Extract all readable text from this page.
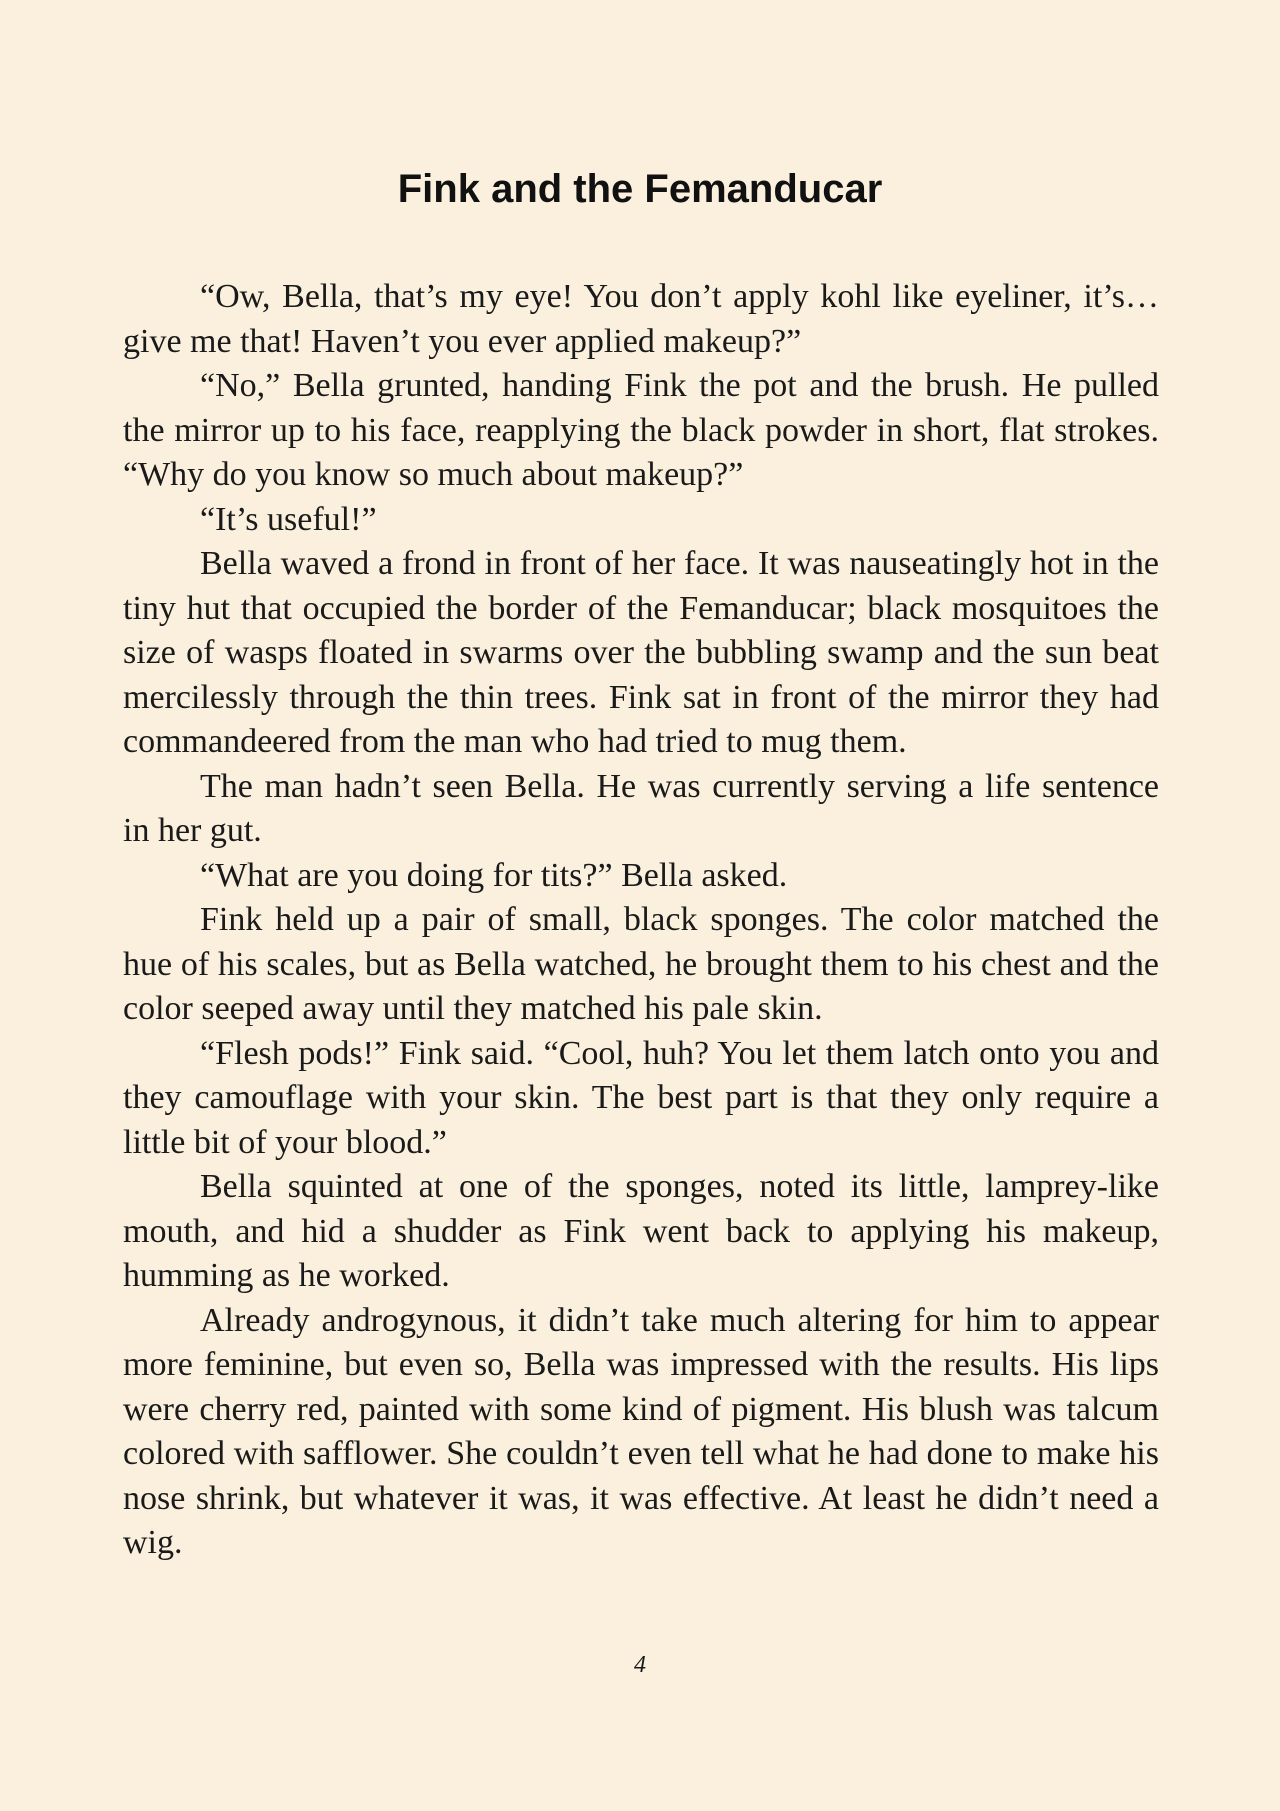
Fink and the Femanducar

“Ow, Bella, that’s my eye! You don’t apply kohl like eyeliner, it’s…give me that! Haven’t you ever applied makeup?”

“No,” Bella grunted, handing Fink the pot and the brush. He pulled the mirror up to his face, reapplying the black powder in short, flat strokes. “Why do you know so much about makeup?”

“It’s useful!”

Bella waved a frond in front of her face. It was nauseatingly hot in the tiny hut that occupied the border of the Femanducar; black mosquitoes the size of wasps floated in swarms over the bubbling swamp and the sun beat mercilessly through the thin trees. Fink sat in front of the mirror they had commandeered from the man who had tried to mug them.

The man hadn’t seen Bella. He was currently serving a life sentence in her gut.

“What are you doing for tits?” Bella asked.

Fink held up a pair of small, black sponges. The color matched the hue of his scales, but as Bella watched, he brought them to his chest and the color seeped away until they matched his pale skin.

“Flesh pods!” Fink said. “Cool, huh? You let them latch onto you and they camouflage with your skin. The best part is that they only require a little bit of your blood.”

Bella squinted at one of the sponges, noted its little, lamprey-like mouth, and hid a shudder as Fink went back to applying his makeup, humming as he worked.

Already androgynous, it didn’t take much altering for him to appear more feminine, but even so, Bella was impressed with the results. His lips were cherry red, painted with some kind of pigment. His blush was talcum colored with safflower. She couldn’t even tell what he had done to make his nose shrink, but whatever it was, it was effective. At least he didn’t need a wig.

4
